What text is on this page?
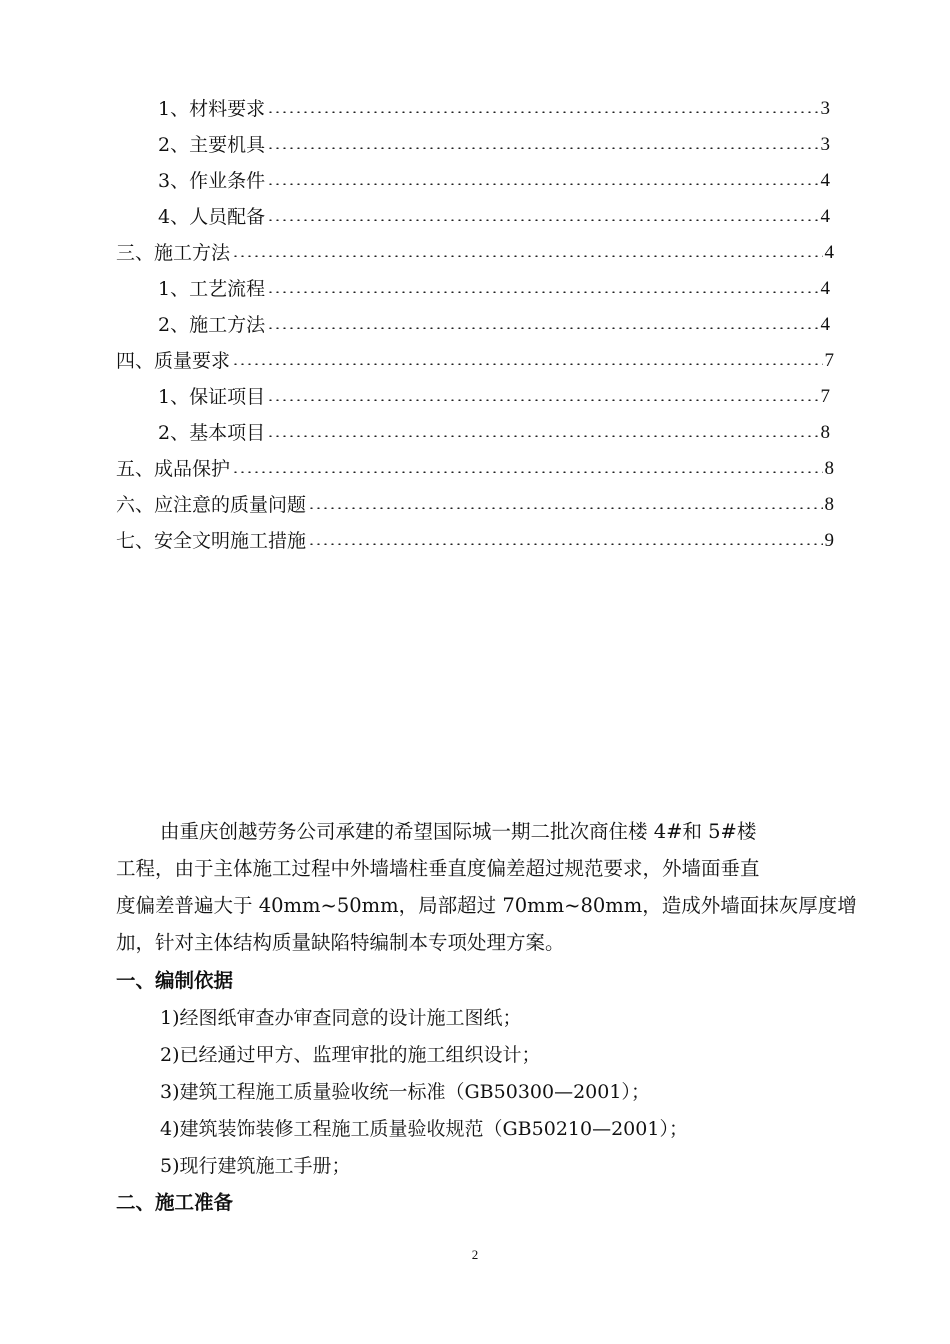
1、材料要求	3
2、主要机具	3
3、作业条件	4
4、人员配备	4
三、施工方法	4
1、工艺流程	4
2、施工方法	4
四、质量要求	7
1、保证项目	7
2、基本项目	8
五、成品保护	8
六、应注意的质量问题	8
七、安全文明施工措施	9
由重庆创越劳务公司承建的希望国际城一期二批次商住楼 4#和 5#楼
工程，由于主体施工过程中外墙墙柱垂直度偏差超过规范要求，外墙面垂直
度偏差普遍大于 40mm~50mm，局部超过 70mm~80mm，造成外墙面抹灰厚度增
加，针对主体结构质量缺陷特编制本专项处理方案。
一、编制依据
1)经图纸审查办审查同意的设计施工图纸；
2)已经通过甲方、监理审批的施工组织设计；
3)建筑工程施工质量验收统一标准（GB50300—2001）；
4)建筑装饰装修工程施工质量验收规范（GB50210—2001）；
5)现行建筑施工手册；
二、施工准备
2
